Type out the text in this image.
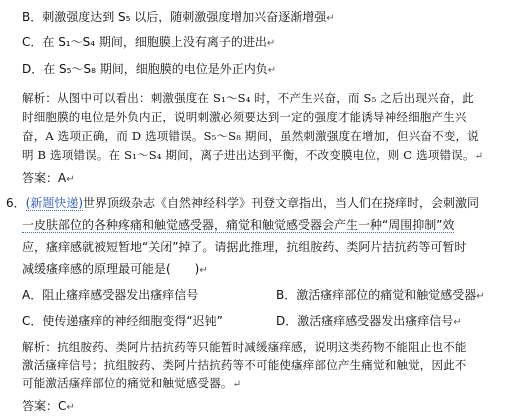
B．刺激强度达到 S₅ 以后，随刺激强度增加兴奋逐渐增强↵
C．在 S₁～S₄ 期间，细胞膜上没有离子的进出↵
D．在 S₅～S₈ 期间，细胞膜的电位是外正内负↵
解析：从图中可以看出：刺激强度在 S₁～S₄ 时，不产生兴奋，而 S₅ 之后出现兴奋，此
时细胞膜的电位是外负内正，说明刺激必须要达到一定的强度才能诱导神经细胞产生兴
奋，A 选项正确，而 D 选项错误。S₅～S₈ 期间，虽然刺激强度在增加，但兴奋不变，说
明 B 选项错误。在 S₁～S₄ 期间，离子进出达到平衡，不改变膜电位，则 C 选项错误。↵
答案：A↵
6．(新题快递)世界顶级杂志《自然神经科学》刊登文章指出，当人们在挠痒时，会刺激同
一皮肤部位的各种疼痛和触觉感受器，痛觉和触觉感受器会产生一种“周围抑制”效
应，瘙痒感就被短暂地“关闭”掉了。请据此推理，抗组胺药、类阿片拮抗药等可暂时
减缓瘙痒感的原理最可能是(　　)↵
A．阻止瘙痒感受器发出瘙痒信号	B．激活瘙痒部位的痛觉和触觉感受器↵
C．使传递瘙痒的神经细胞变得“迟钝”	D．激活瘙痒感受器发出瘙痒信号↵
解析：抗组胺药、类阿片拮抗药等只能暂时减缓瘙痒感，说明这类药物不能阻止也不能
激活瘙痒信号；抗组胺药、类阿片拮抗药等不可能使瘙痒部位产生痛觉和触觉，因此不
可能激活瘙痒部位的痛觉和触觉感受器。↵
答案：C↵
